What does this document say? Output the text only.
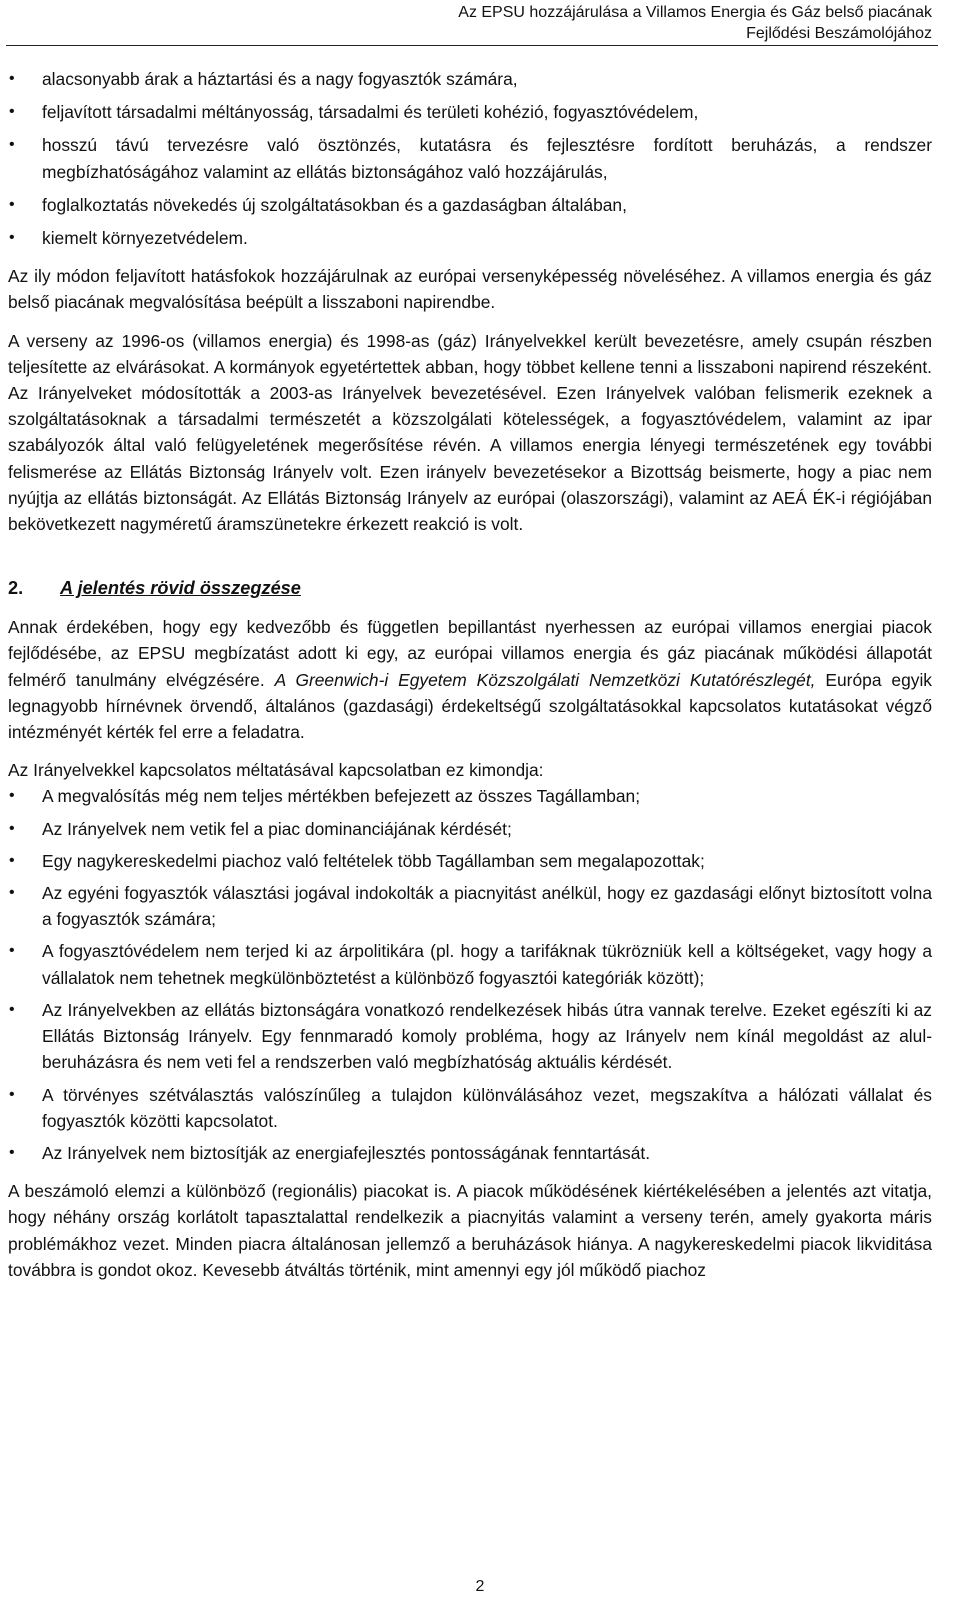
Az EPSU hozzájárulása a Villamos Energia és Gáz belső piacának
Fejlődési Beszámolójához
• alacsonyabb árak a háztartási és a nagy fogyasztók számára,
• feljavított társadalmi méltányosság, társadalmi és területi kohézió, fogyasztóvédelem,
• hosszú távú tervezésre való ösztönzés, kutatásra és fejlesztésre fordított beruházás, a rendszer megbízhatóságához valamint az ellátás biztonságához való hozzájárulás,
• foglalkoztatás növekedés új szolgáltatásokban és a gazdaságban általában,
• kiemelt környezetvédelem.

Az ily módon feljavított hatásfokok hozzájárulnak az európai versenyképesség növeléséhez. A villamos energia és gáz belső piacának megvalósítása beépült a lisszaboni napirendbe.

A verseny az 1996-os (villamos energia) és 1998-as (gáz) Irányelvekkel került bevezetésre, amely csupán részben teljesítette az elvárásokat. A kormányok egyetértettek abban, hogy többet kellene tenni a lisszaboni napirend részeként. Az Irányelveket módosították a 2003-as Irányelvek bevezetésével. Ezen Irányelvek valóban felismerik ezeknek a szolgáltatásoknak a társadalmi természetét a közszolgálati kötelességek, a fogyasztóvédelem, valamint az ipar szabályozók által való felügyeletének megerősítése révén. A villamos energia lényegi természetének egy további felismerése az Ellátás Biztonság Irányelv volt. Ezen irányelv bevezetésekor a Bizottság beismerte, hogy a piac nem nyújtja az ellátás biztonságát. Az Ellátás Biztonság Irányelv az európai (olaszországi), valamint az AEÁ ÉK-i régiójában bekövetkezett nagyméretű áramszünetekre érkezett reakció is volt.

2. A jelentés rövid összegzése

Annak érdekében, hogy egy kedvezőbb és független bepillantást nyerhessen az európai villamos energiai piacok fejlődésébe, az EPSU megbízatást adott ki egy, az európai villamos energia és gáz piacának működési állapotát felmérő tanulmány elvégzésére. A Greenwich-i Egyetem Közszolgálati Nemzetközi Kutatórészlegét, Európa egyik legnagyobb hírnévnek örvendő, általános (gazdasági) érdekeltségű szolgáltatásokkal kapcsolatos kutatásokat végző intézményét kérték fel erre a feladatra.

Az Irányelvekkel kapcsolatos méltatásával kapcsolatban ez kimondja:

• A megvalósítás még nem teljes mértékben befejezett az összes Tagállamban;
• Az Irányelvek nem vetik fel a piac dominanciájának kérdését;
• Egy nagykereskedelmi piachoz való feltételek több Tagállamban sem megalapozottak;
• Az egyéni fogyasztók választási jogával indokolták a piacnyitást anélkül, hogy ez gazdasági előnyt biztosított volna a fogyasztók számára;
• A fogyasztóvédelem nem terjed ki az árpolitikára (pl. hogy a tarifáknak tükrözniük kell a költségeket, vagy hogy a vállalatok nem tehetnek megkülönböztetést a különböző fogyasztói kategóriák között);
• Az Irányelvekben az ellátás biztonságára vonatkozó rendelkezések hibás útra vannak terelve. Ezeket egészíti ki az Ellátás Biztonság Irányelv. Egy fennmaradó komoly probléma, hogy az Irányelv nem kínál megoldást az alul-beruházásra és nem veti fel a rendszerben való megbízhatóság aktuális kérdését.
• A törvényes szétválasztás valószínűleg a tulajdon különválásához vezet, megszakítva a hálózati vállalat és fogyasztók közötti kapcsolatot.
• Az Irányelvek nem biztosítják az energiafejlesztés pontosságának fenntartását.

A beszámoló elemzi a különböző (regionális) piacokat is. A piacok működésének kiértékelésében a jelentés azt vitatja, hogy néhány ország korlátolt tapasztalattal rendelkezik a piacnyitás valamint a verseny terén, amely gyakorta máris problémákhoz vezet. Minden piacra általánosan jellemző a beruházások hiánya. A nagykereskedelmi piacok likviditása továbbra is gondot okoz. Kevesebb átváltás történik, mint amennyi egy jól működő piachoz

2
